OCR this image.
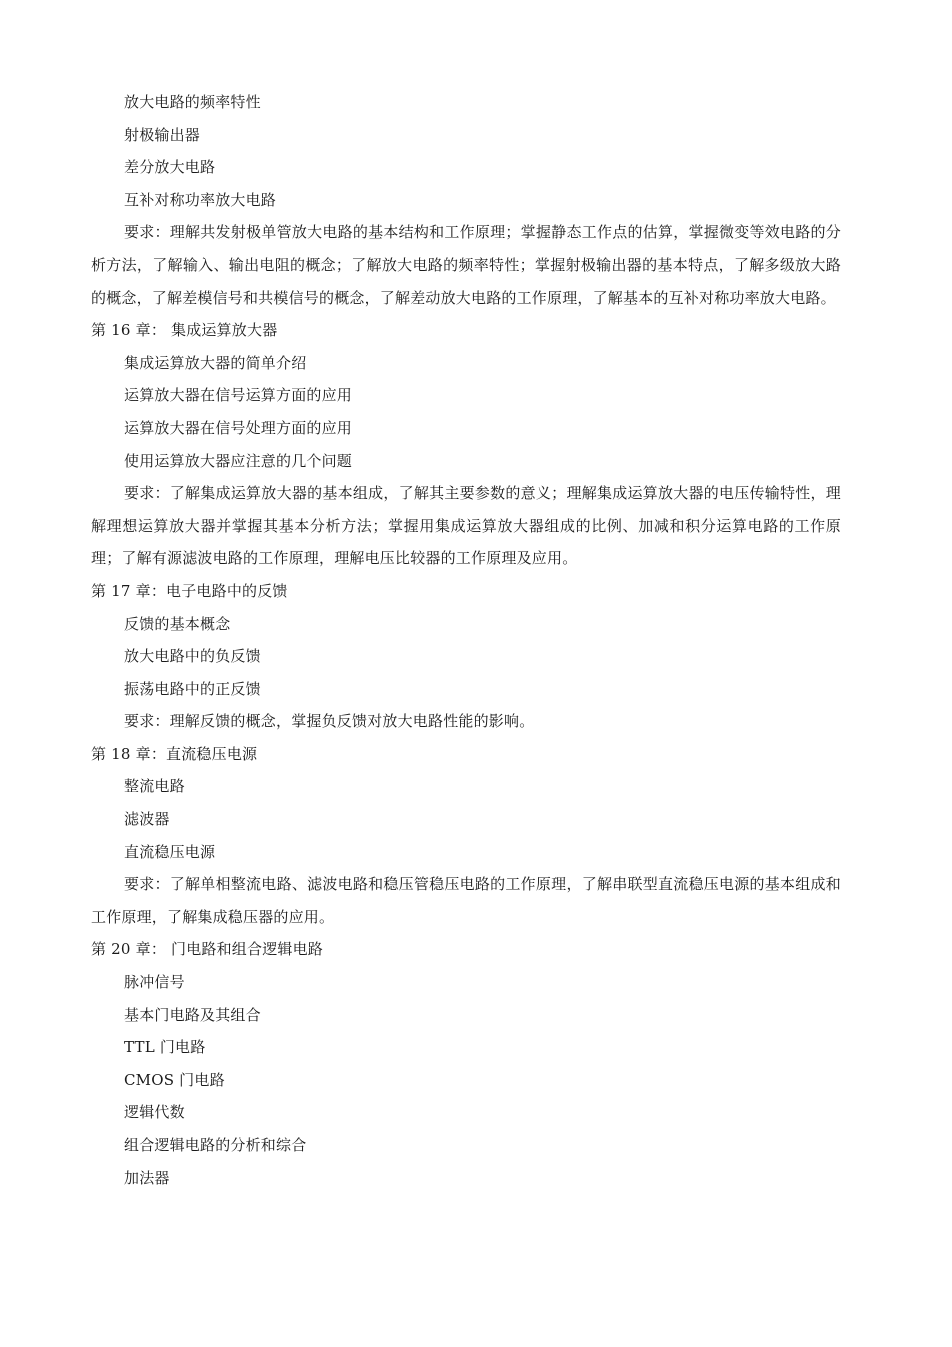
放大电路的频率特性
射极输出器
差分放大电路
互补对称功率放大电路
要求：理解共发射极单管放大电路的基本结构和工作原理；掌握静态工作点的估算，掌握微变等效电路的分析方法，了解输入、输出电阻的概念；了解放大电路的频率特性；掌握射极输出器的基本特点，了解多级放大路的概念，了解差模信号和共模信号的概念，了解差动放大电路的工作原理，了解基本的互补对称功率放大电路。
第 16 章： 集成运算放大器
集成运算放大器的简单介绍
运算放大器在信号运算方面的应用
运算放大器在信号处理方面的应用
使用运算放大器应注意的几个问题
要求：了解集成运算放大器的基本组成，了解其主要参数的意义；理解集成运算放大器的电压传输特性，理解理想运算放大器并掌握其基本分析方法；掌握用集成运算放大器组成的比例、加减和积分运算电路的工作原理；了解有源滤波电路的工作原理，理解电压比较器的工作原理及应用。
第 17 章：电子电路中的反馈
反馈的基本概念
放大电路中的负反馈
振荡电路中的正反馈
要求：理解反馈的概念，掌握负反馈对放大电路性能的影响。
第 18 章：直流稳压电源
整流电路
滤波器
直流稳压电源
要求：了解单相整流电路、滤波电路和稳压管稳压电路的工作原理，了解串联型直流稳压电源的基本组成和工作原理，了解集成稳压器的应用。
第 20 章： 门电路和组合逻辑电路
脉冲信号
基本门电路及其组合
TTL 门电路
CMOS 门电路
逻辑代数
组合逻辑电路的分析和综合
加法器
